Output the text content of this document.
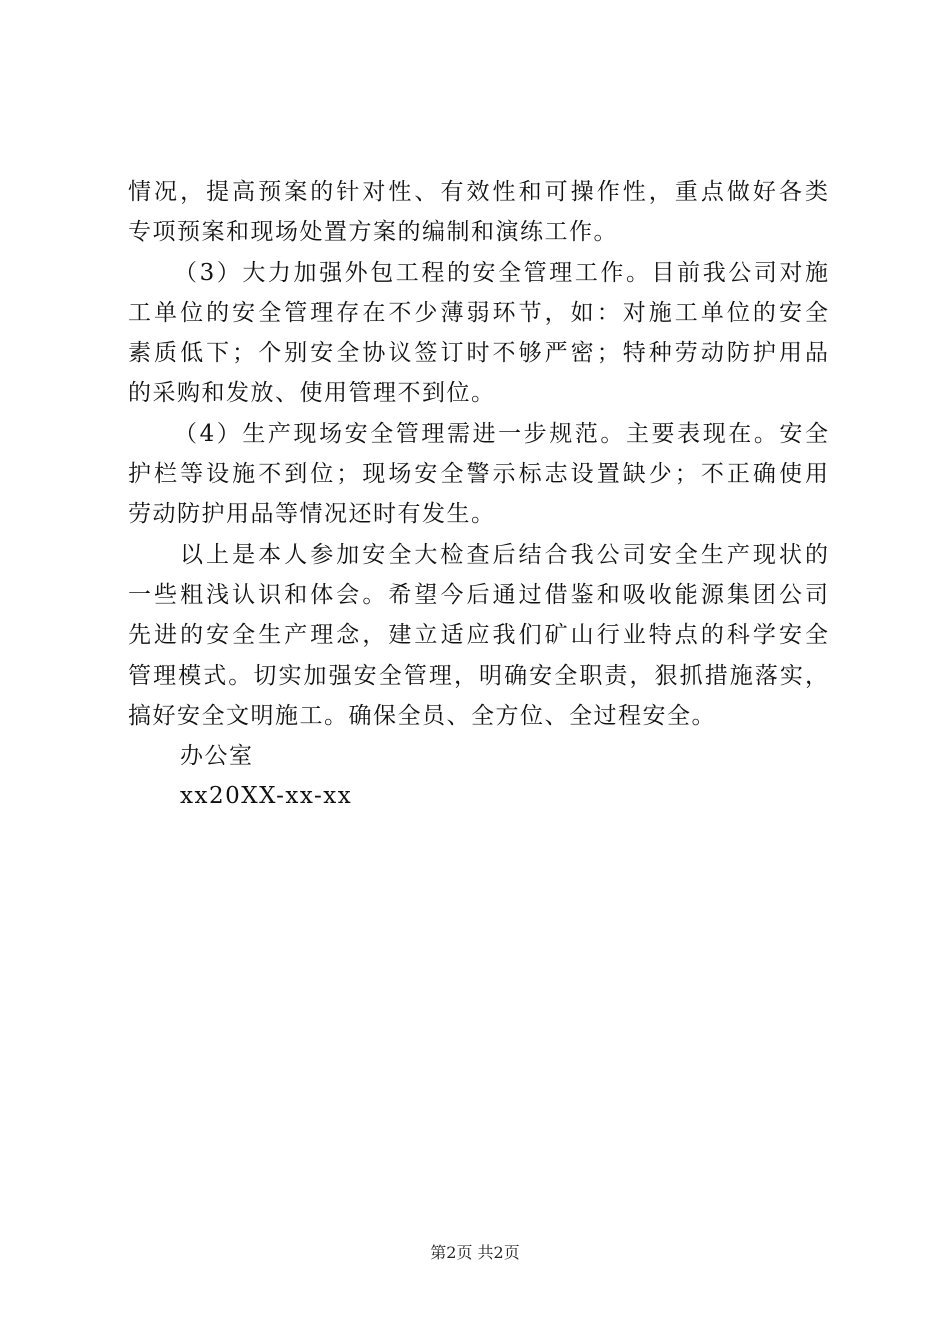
情况，提高预案的针对性、有效性和可操作性，重点做好各类
专项预案和现场处置方案的编制和演练工作。
（3）大力加强外包工程的安全管理工作。目前我公司对施
工单位的安全管理存在不少薄弱环节，如：对施工单位的安全
素质低下；个别安全协议签订时不够严密；特种劳动防护用品
的采购和发放、使用管理不到位。
（4）生产现场安全管理需进一步规范。主要表现在。安全
护栏等设施不到位；现场安全警示标志设置缺少；不正确使用
劳动防护用品等情况还时有发生。
以上是本人参加安全大检查后结合我公司安全生产现状的
一些粗浅认识和体会。希望今后通过借鉴和吸收能源集团公司
先进的安全生产理念，建立适应我们矿山行业特点的科学安全
管理模式。切实加强安全管理，明确安全职责，狠抓措施落实，
搞好安全文明施工。确保全员、全方位、全过程安全。
办公室
xx20XX-xx-xx
第2页 共2页
